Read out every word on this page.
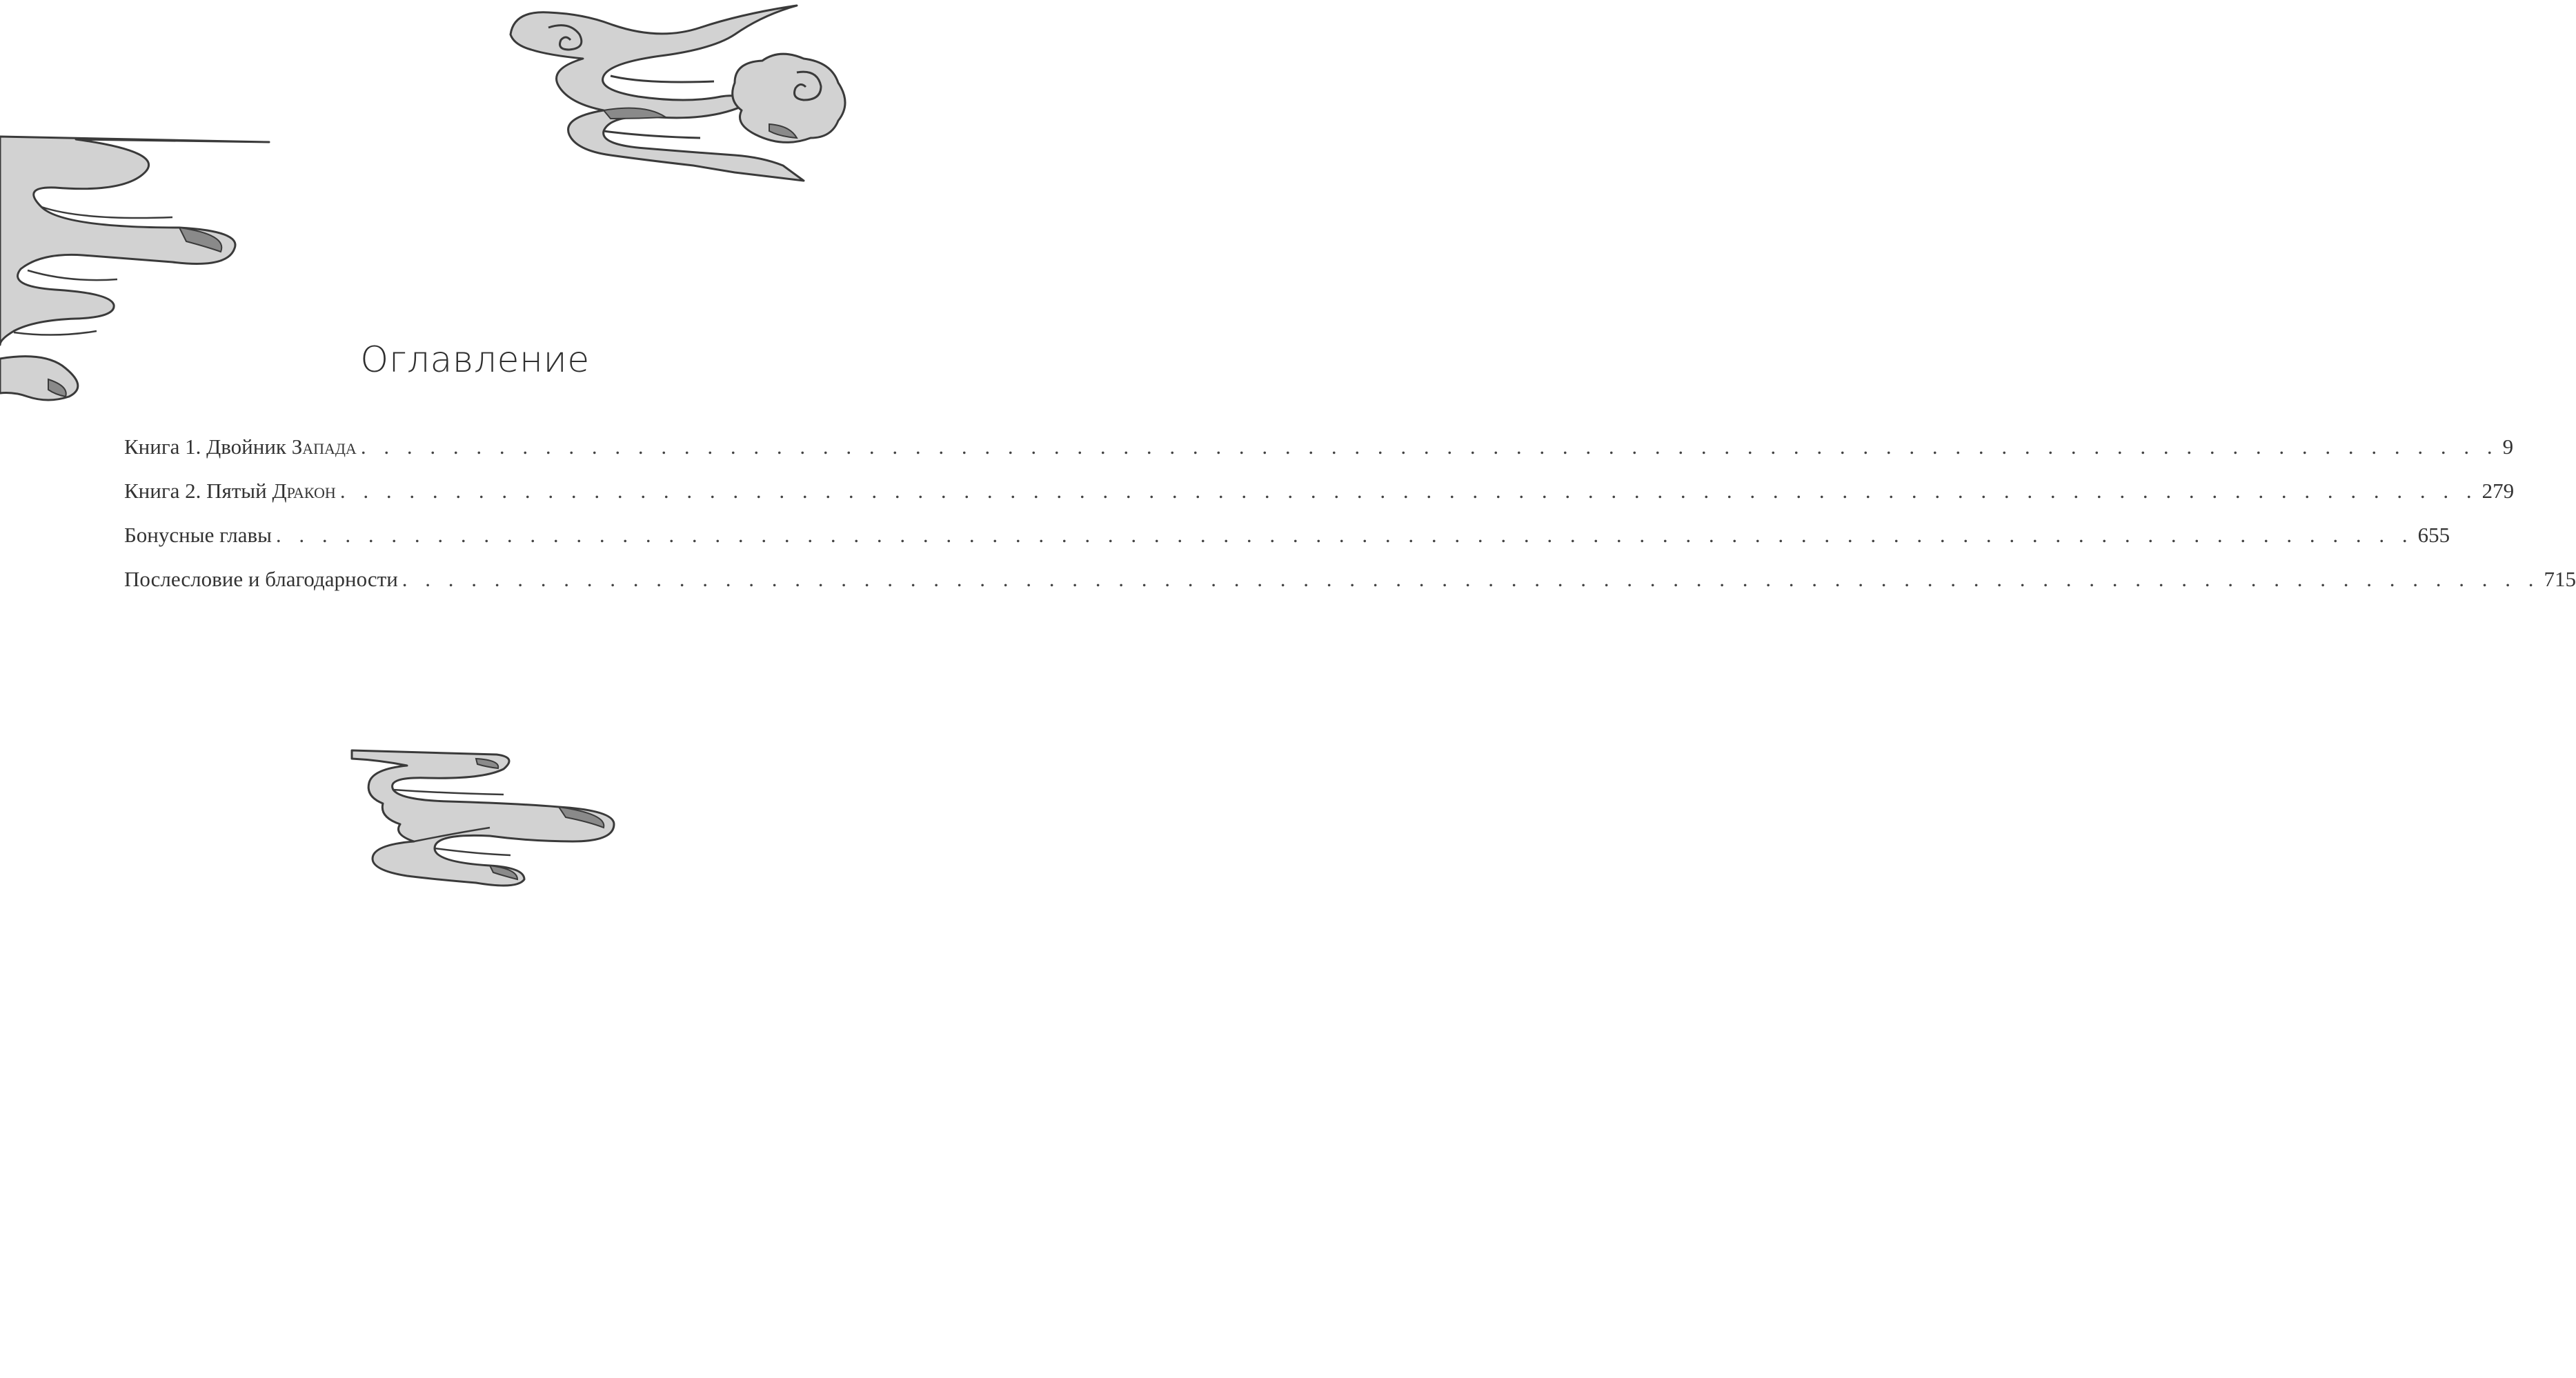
Оглавление
Книга 1. Двойник Запада . . . . . . . . . . . . . . . . . . . . . . . . . . . . . . . . . . . . . . . . . . . . . . . . . . . . . . . . . . . . . . . . . . . . . . . . . . . . . . . . . . . . . . . . . . . . . 9
Книга 2. Пятый Дракон . . . . . . . . . . . . . . . . . . . . . . . . . . . . . . . . . . . . . . . . . . . . . . . . . . . . . . . . . . . . . . . . . . . . . . . . . . . . . . . . . . . . . . . . . . . . . 279
Бонусные главы . . . . . . . . . . . . . . . . . . . . . . . . . . . . . . . . . . . . . . . . . . . . . . . . . . . . . . . . . . . . . . . . . . . . . . . . . . . . . . . . . . . . . . . . . . . . . 655
Послесловие и благодарности . . . . . . . . . . . . . . . . . . . . . . . . . . . . . . . . . . . . . . . . . . . . . . . . . . . . . . . . . . . . . . . . . . . . . . . . . . . . . . . . . . . . . . . . . . . . . 715
